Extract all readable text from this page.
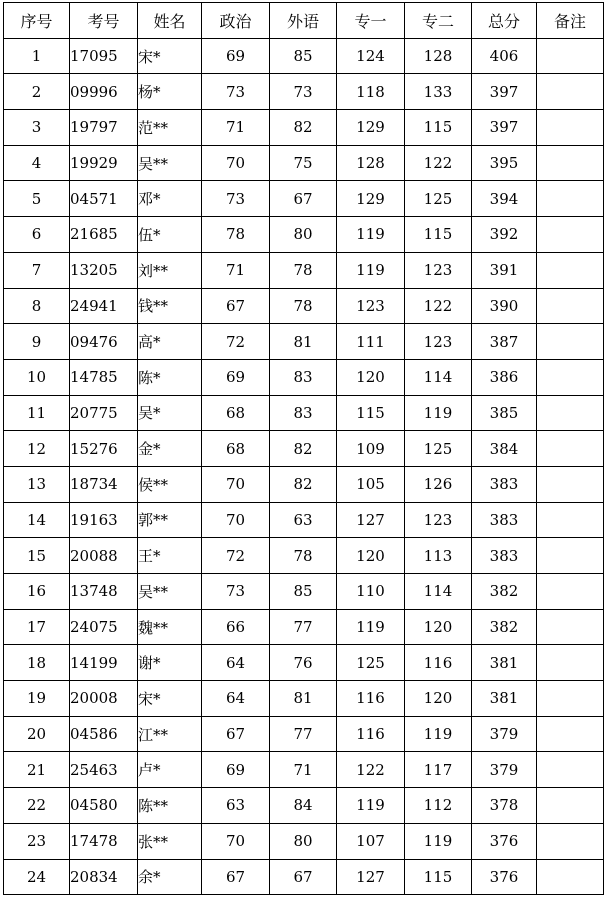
序号	考号	姓名	政治	外语	专一	专二	总分	备注
1	17095	宋*	69	85	124	128	406	
2	09996	杨*	73	73	118	133	397	
3	19797	范**	71	82	129	115	397	
4	19929	吴**	70	75	128	122	395	
5	04571	邓*	73	67	129	125	394	
6	21685	伍*	78	80	119	115	392	
7	13205	刘**	71	78	119	123	391	
8	24941	钱**	67	78	123	122	390	
9	09476	高*	72	81	111	123	387	
10	14785	陈*	69	83	120	114	386	
11	20775	吴*	68	83	115	119	385	
12	15276	金*	68	82	109	125	384	
13	18734	侯**	70	82	105	126	383	
14	19163	郭**	70	63	127	123	383	
15	20088	王*	72	78	120	113	383	
16	13748	吴**	73	85	110	114	382	
17	24075	魏**	66	77	119	120	382	
18	14199	谢*	64	76	125	116	381	
19	20008	宋*	64	81	116	120	381	
20	04586	江**	67	77	116	119	379	
21	25463	卢*	69	71	122	117	379	
22	04580	陈**	63	84	119	112	378	
23	17478	张**	70	80	107	119	376	
24	20834	余*	67	67	127	115	376	
